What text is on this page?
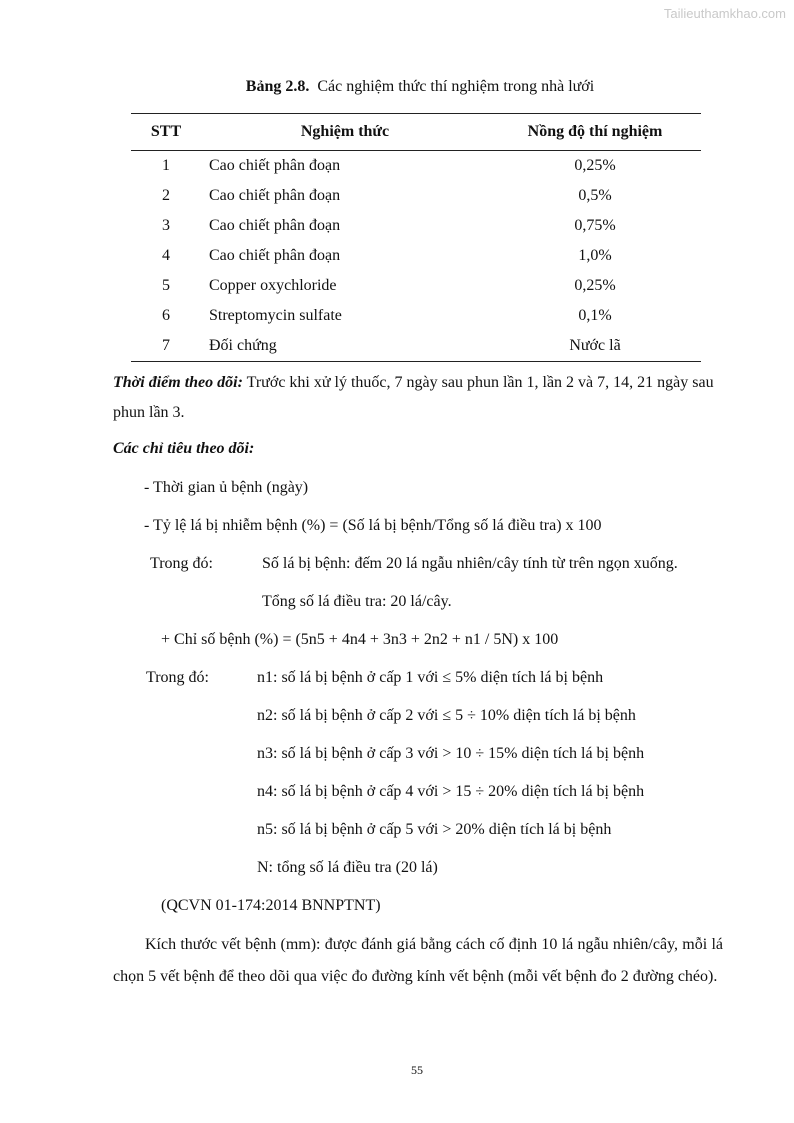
Tailieuthamkhao.com
Bảng 2.8. Các nghiệm thức thí nghiệm trong nhà lưới
STT	Nghiệm thức	Nồng độ thí nghiệm
1	Cao chiết phân đoạn	0,25%
2	Cao chiết phân đoạn	0,5%
3	Cao chiết phân đoạn	0,75%
4	Cao chiết phân đoạn	1,0%
5	Copper oxychloride	0,25%
6	Streptomycin sulfate	0,1%
7	Đối chứng	Nước lã
Thời điểm theo dõi: Trước khi xử lý thuốc, 7 ngày sau phun lần 1, lần 2 và 7, 14, 21 ngày sau phun lần 3.
Các chỉ tiêu theo dõi:
- Thời gian ủ bệnh (ngày)
- Tỷ lệ lá bị nhiễm bệnh (%) = (Số lá bị bệnh/Tổng số lá điều tra) x 100
Trong đó:	Số lá bị bệnh: đếm 20 lá ngẫu nhiên/cây tính từ trên ngọn xuống.
Tổng số lá điều tra: 20 lá/cây.
+ Chỉ số bệnh (%) = (5n5 + 4n4 + 3n3 + 2n2 + n1 / 5N) x 100
Trong đó:	n1: số lá bị bệnh ở cấp 1 với ≤ 5% diện tích lá bị bệnh
n2: số lá bị bệnh ở cấp 2 với ≤ 5 ÷ 10% diện tích lá bị bệnh
n3: số lá bị bệnh ở cấp 3 với > 10 ÷ 15% diện tích lá bị bệnh
n4: số lá bị bệnh ở cấp 4 với > 15 ÷ 20% diện tích lá bị bệnh
n5: số lá bị bệnh ở cấp 5 với > 20% diện tích lá bị bệnh
N: tổng số lá điều tra (20 lá)
(QCVN 01-174:2014 BNNPTNT)
Kích thước vết bệnh (mm): được đánh giá bằng cách cố định 10 lá ngẫu nhiên/cây, mỗi lá chọn 5 vết bệnh để theo dõi qua việc đo đường kính vết bệnh (mỗi vết bệnh đo 2 đường chéo).
55
